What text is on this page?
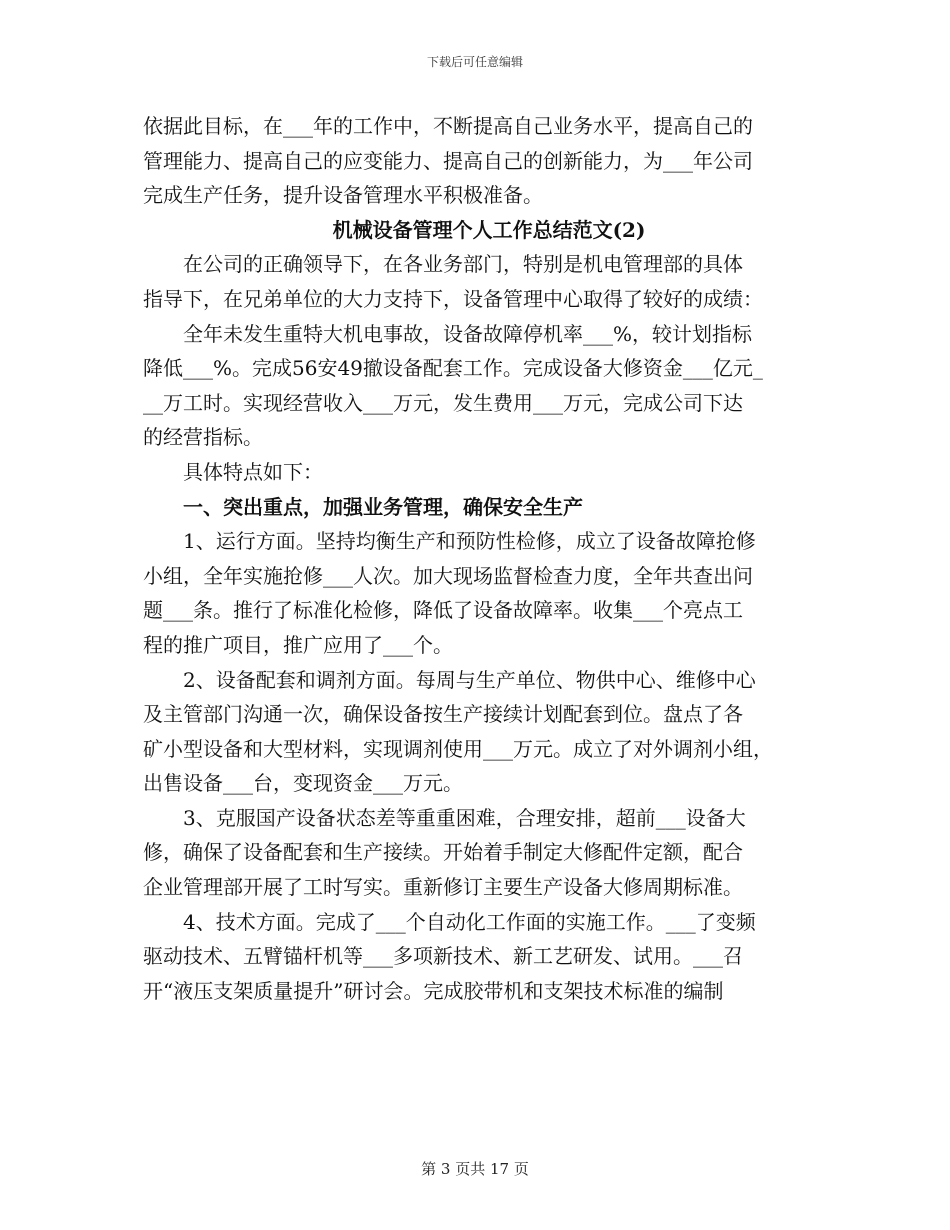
下载后可任意编辑
依据此目标，在___年的工作中，不断提高自己业务水平，提高自己的
管理能力、提高自己的应变能力、提高自己的创新能力，为___年公司
完成生产任务，提升设备管理水平积极准备。
机械设备管理个人工作总结范文(2)
在公司的正确领导下，在各业务部门，特别是机电管理部的具体
指导下，在兄弟单位的大力支持下，设备管理中心取得了较好的成绩：
全年未发生重特大机电事故，设备故障停机率___%，较计划指标
降低___%。完成56安49撤设备配套工作。完成设备大修资金___亿元_
__万工时。实现经营收入___万元，发生费用___万元，完成公司下达
的经营指标。
具体特点如下：
一、突出重点，加强业务管理，确保安全生产
1、运行方面。坚持均衡生产和预防性检修，成立了设备故障抢修
小组，全年实施抢修___人次。加大现场监督检查力度，全年共查出问
题___条。推行了标准化检修，降低了设备故障率。收集___个亮点工
程的推广项目，推广应用了___个。
2、设备配套和调剂方面。每周与生产单位、物供中心、维修中心
及主管部门沟通一次，确保设备按生产接续计划配套到位。盘点了各
矿小型设备和大型材料，实现调剂使用___万元。成立了对外调剂小组，
出售设备___台，变现资金___万元。
3、克服国产设备状态差等重重困难，合理安排，超前___设备大
修，确保了设备配套和生产接续。开始着手制定大修配件定额，配合
企业管理部开展了工时写实。重新修订主要生产设备大修周期标准。
4、技术方面。完成了___个自动化工作面的实施工作。___了变频
驱动技术、五臂锚杆机等___多项新技术、新工艺研发、试用。___召
开“液压支架质量提升”研讨会。完成胶带机和支架技术标准的编制
第 3 页共 17 页
